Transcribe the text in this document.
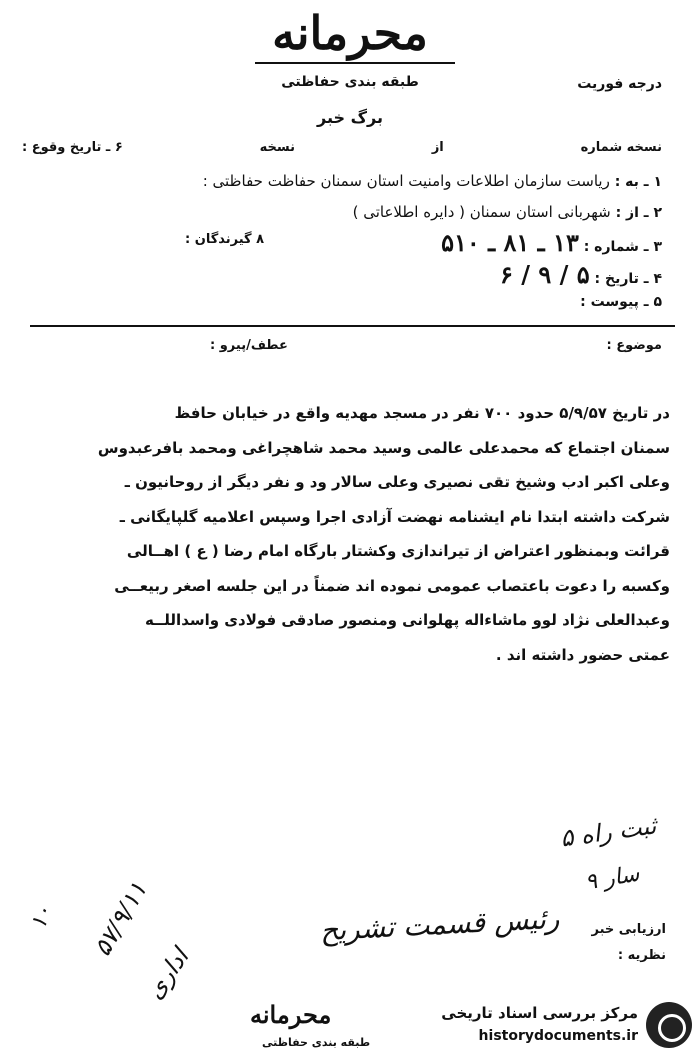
محرمانه
طبقه بندی حفاظتی	درجه فوریت
برگ خبر
نسخه شماره
از
نسخه
۶ ـ تاریخ وقوع :
۱ ـ به : ریاست سازمان اطلاعات وامنیت استان سمنان حفاظت حفاظتی :
۲ ـ از : شهربانی استان سمنان ( دایره اطلاعاتی )
۳ ـ شماره : ۱۳ ـ ۸۱ ـ ۵۱۰
۸ گیرندگان :
۴ ـ تاریخ : ۵ / ۹ / ۶
۵ ـ پیوست :
موضوع :
عطف/پیرو :
در تاریخ ۵/۹/۵۷ حدود ۷۰۰ نفر در مسجد مهدیه واقع در خیابان حافظ
سمنان اجتماع که محمدعلی عالمی وسید محمد شاهچراغی ومحمد بافرعبدوس
وعلی اکبر ادب وشیخ تقی نصیری وعلی سالار ود و نفر دیگر از روحانیون ـ
شرکت داشته ابتدا نام ایشنامه نهضت آزادی اجرا وسپس اعلامیه گلپایگانی ـ
قرائت وبمنظور اعتراض از تیراندازی وکشتار بارگاه امام رضا ( ع ) اهــالی
وکسبه را دعوت باعتصاب عمومی نموده اند ضمناً در این جلسه اصغر ربیعــی
وعبدالعلی نژاد لوو ماشاءاله پهلوانی ومنصور صادقی فولادی واسداللــه
عمتی حضور داشته اند .
ثبت راه ۵
سار ۹
ارزیابی خبر
نظریه :
رئیس قسمت تشریح
۵۷/۹/۱۱
اداری
۱۰
محرمانه
طبقه بندی حفاظتی
مرکز بررسی اسناد تاریخی
historydocuments.ir
